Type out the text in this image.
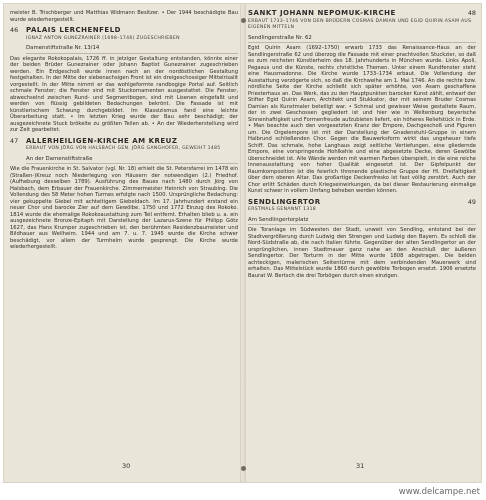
meister B. Trischberger und Matthias Widmann Besitzer. • Der 1944 beschädigte Bau wurde wiederhergestellt.

46	PALAIS LERCHENFELD
IGNAZ ANTON GUNEZRAINER (1698–1746) ZUGESCHRIEBEN
Damenstiftstraße Nr. 13/14

Das elegante Rokokopalais, 1726 ff. in jetziger Gestaltung entstanden, könnte einer der beiden Brüder Gunezrainer oder Johann Baptist Gunezrainer zugeschrieben werden. Ein Erdgeschoß wurde innen nach an der nordöstlichen Gestaltung festgehalten. In der Mitte der siebenachsigen Front ist ein dreigeschossiger Mittelrisalit vorgestellt. In der Mitte nimmt er das wohlgeformte randbogige Portal auf. Seitlich schmale Fenster; die Fenster sind mit Stuckornamenten ausgestattet. Die Fenster, abwechselnd zwischen Rund- und Segmentbogen, sind mit Lisenen eingefaßt und werden von flüssig gebildeten Bedachungen bekrönt. Die Fassade ist mit künstlerischem Schwung durchgebildet. Im Klassizismus fand eine leichte Überarbeitung statt. • Im letzten Krieg wurde der Bau sehr beschädigt; der ausgezeichnete Stuck brökelte zu größten Teilen ab. • An der Wiederherstellung wird zur Zeit gearbeitet.

47	ALLERHEILIGEN-KIRCHE AM KREUZ
ERBAUT VON JÖRG VON HALSBACH GEN. JÖRG GANGHOFER, GEWEIHT 1485
An der Damenstiftstraße

Wie die Frauenkirche in St. Salvator (vgl. Nr. 18) erhielt die St. Petersfarrei im 1478 ein (Straßen-)Kreuz noch Niederlegung von Häusern der notwendigen (2.) Friedhof. (Aufhebung desselben 1789). Ausführung des Baues nach 1480 durch Jörg von Halsbach, dem Erbauer der Frauenkirche. Zimmermeister Heinrich von Straubing. Die Vollendung des 58 Meter hohen Turmes erfolgte nach 1500. Ursprüngliche Bedachung: vier gekuppelte Giebel mit achteitigem Giebeldach. Im 17. Jahrhundert erstand ein neuer Chor und barocke Zier auf dem Gewölbe. 1750 und 1772 Einzug des Rokoko. 1814 wurde die ehemalige Rokokoaustattung zum Teil entfernt. Erhalten blieb u. a. ein ausgezeichnete Bronze-Epitaph mit Darstellung der Lazarus-Szene für Philipp Götz 1627, das Hans Krumper zugeschrieben ist, den berühmten Residenzbaumeister und Bildhauer aus Weilheim. 1944 und am 7. u. 7. 1945 wurde die Kirche schwer beschädigt, vor allem der Turmhelm wurde gesprengt. Die Kirche wurde wiederhergestellt.

30
SANKT JOHANN NEPOMUK-KIRCHE	48
ERBAUT 1733–1746 VON DEN BRÜDERN COSMAS DAMIAN UND EGID QUIRIN ASAM AUS EIGENEN MITTELN
Sendlingerstraße Nr. 62

Egid Quirin Asam (1692–1750) erwarb 1733 das Renaissance-Haus an der Sendlingerstraße 62 und überzog die Fassade mit einer prachtvollen Stuckzier, so daß es zum reichsten Künstlerheim des 18. Jahrhunderts in München wurde. Links Apoll, Pegasus und die Künste, rechts christliche Themen. Unter einem Rundfenster steht eine Hausmadonne. Die Kirche wurde 1733–1734 erbaut. Die Vollendung der Ausstattung verzögerte sich, so daß die Kirchweihe am 1. Mai 1746. An die rechte bzw. nördliche Seite der Kirche schließt sich später erhöhte, von Asam geschaffene Priesterhaus an. Das Werk, das zu den Hauptpunkten barocker Kunst zählt, entwarf der Stifter Egid Quirin Asam, Architekt und Stukkator, der mit seinem Bruder Cosmas Damian als Kunstmaler beteiligt war. • Schmal und gewisser Weise gestaltete Raum, der in zwei Geschossen gegliedert ist und hier wie in Weltenburg beyerische Sinnenhaftigkeit und Formenfreude aufzubieten liefert, ein höheres Reliefstück in Erde. • Man beachte auch den vorgesetzten Kranz der Empore, Dachgeschoß und Figuren um. Die Orgelempore ist mit der Darstellung der Gnadenstuhl-Gruppe in einem Halbrund schließenden Chor. Gegen die Bauwerksform wirkt das ungeheuer tiefe Schiff. Das schmale, hohe Langhaus zeigt seitliche Vertiefungen, eine gliedernde Empore, eine vorspringende Hohlkehle und eine abgesetzte Decke, deren Gewölbe überschneidet ist. Alle Wände werden mit warmen Farben überspielt, in die eine reiche Innenausstattung von hoher Qualität eingesetzt ist. Der Gipfelpunkt der Raumkomposition ist die feierlich thronende plastische Gruppe der Hl. Dreifaltigkeit über dem oberen Altar. Das großartige Deckenfresko ist fast völlig zerstört. Auch der Chor erlitt Schäden durch Kriegseinwirkungen, da bei dieser Restaurierung einmalige Kunst schwer in vollem Umfang beheben werden können.

SENDLINGERTOR	49
ERSTMALS GENANNT 1318
Am Sendlingertorplatz

Die Toranlage im Südwesten der Stadt, unweit von Sendling, entstand bei der Stadtvergrößerung durch Ludwig den Strengen und Ludwig den Bayern. Es schloß die Nord-Südstraße ab, die nach Italien führte. Gegenüber der alten Sendlingertor an der ursprünglichen, innen Stadtmauer ganz nahe an den Anschluß der äußeren Sendlingertor. Der Torturm in der Mitte wurde 1808 abgetragen. Die beiden achteckigen, malerischen Seitentürme mit dem verbindenden Mauerwerk sind erhalten. Das Mittelstück wurde 1860 durch gewölbte Torbogen ersetzt. 1906 ersetzte Baurat W. Bertsch die drei Torbögen durch einen einzigen.

31
www.delcampe.net
